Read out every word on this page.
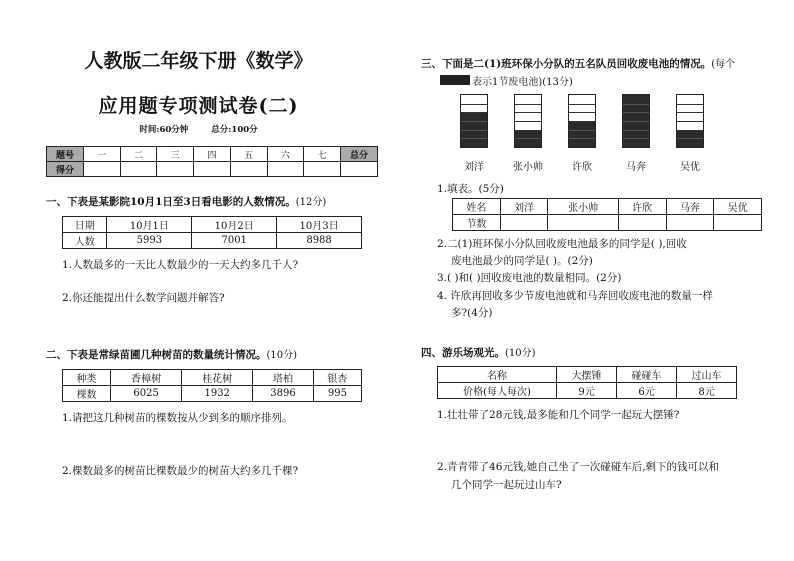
人教版二年级下册《数学》
应用题专项测试卷(二)
时间:60分钟	总分:100分
题号	一	二	三	四	五	六	七	总分
得分								
一、下表是某影院10月1日至3日看电影的人数情况。(12分)
日期	10月1日	10月2日	10月3日
人数	5993	7001	8988
1.人数最多的一天比人数最少的一天大约多几千人?
2.你还能提出什么数学问题并解答?
二、下表是常绿苗圃几种树苗的数量统计情况。(10分)
种类	香樟树	桂花树	塔柏	银杏
棵数	6025	1932	3896	995
1.请把这几种树苗的棵数按从少到多的顺序排列。
2.棵数最多的树苗比棵数最少的树苗大约多几千棵?
三、下面是二(1)班环保小分队的五名队员回收废电池的情况。(每个
表示1节废电池)(13分)
刘洋	张小帅	许欣	马奔	吴优
1.填表。(5分)
姓名	刘洋	张小帅	许欣	马奔	吴优
节数					
2.二(1)班环保小分队回收废电池最多的同学是( ),回收
废电池最少的同学是( )。(2分)
3.( )和( )回收废电池的数量相同。(2分)
4. 许欣再回收多少节废电池就和马奔回收废电池的数量一样
多?(4分)
四、游乐场观光。(10分)
名称	大摆锤	碰碰车	过山车
价格(每人每次)	9元	6元	8元
1.壮壮带了28元钱,最多能和几个同学一起玩大摆锤?
2.青青带了46元钱,她自己坐了一次碰碰车后,剩下的钱可以和
几个同学一起玩过山车?
